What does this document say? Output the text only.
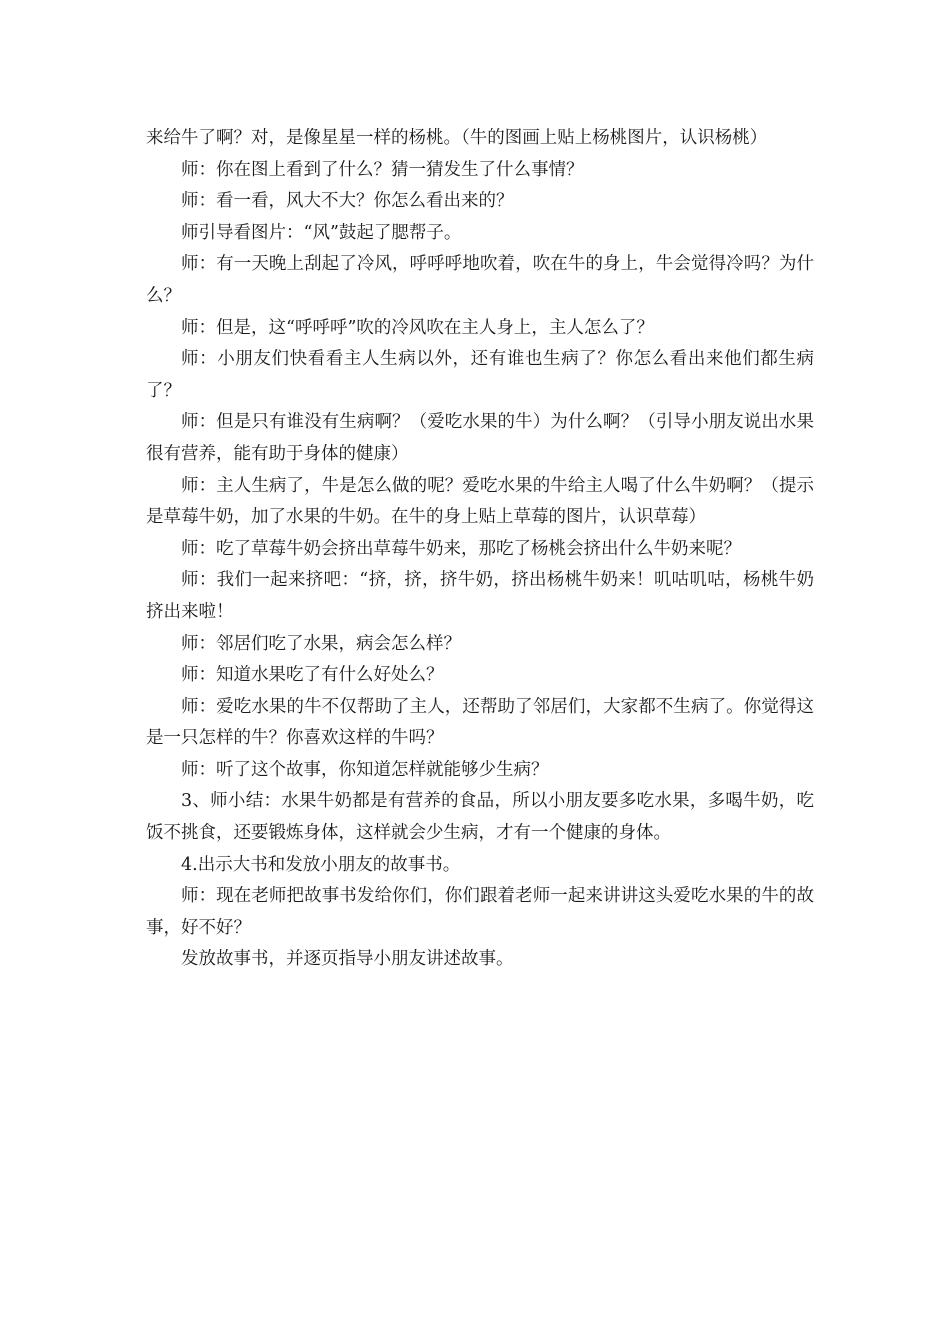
来给牛了啊？对，是像星星一样的杨桃。（牛的图画上贴上杨桃图片，认识杨桃）

师：你在图上看到了什么？猜一猜发生了什么事情？

师：看一看，风大不大？你怎么看出来的？

师引导看图片：“风”鼓起了腮帮子。

师：有一天晚上刮起了冷风，呼呼呼地吹着，吹在牛的身上，牛会觉得冷吗？为什么？

师：但是，这“呼呼呼”吹的冷风吹在主人身上，主人怎么了？

师：小朋友们快看看主人生病以外，还有谁也生病了？你怎么看出来他们都生病了？

师：但是只有谁没有生病啊？（爱吃水果的牛）为什么啊？（引导小朋友说出水果很有营养，能有助于身体的健康）

师：主人生病了，牛是怎么做的呢？爱吃水果的牛给主人喝了什么牛奶啊？（提示是草莓牛奶，加了水果的牛奶。在牛的身上贴上草莓的图片，认识草莓）

师：吃了草莓牛奶会挤出草莓牛奶来，那吃了杨桃会挤出什么牛奶来呢？

师：我们一起来挤吧：“挤，挤，挤牛奶，挤出杨桃牛奶来！叽咕叽咕，杨桃牛奶挤出来啦！

师：邻居们吃了水果，病会怎么样？

师：知道水果吃了有什么好处么？

师：爱吃水果的牛不仅帮助了主人，还帮助了邻居们，大家都不生病了。你觉得这是一只怎样的牛？你喜欢这样的牛吗？

师：听了这个故事，你知道怎样就能够少生病？

3、师小结：水果牛奶都是有营养的食品，所以小朋友要多吃水果，多喝牛奶，吃饭不挑食，还要锻炼身体，这样就会少生病，才有一个健康的身体。

4.出示大书和发放小朋友的故事书。

师：现在老师把故事书发给你们，你们跟着老师一起来讲讲这头爱吃水果的牛的故事，好不好？

发放故事书，并逐页指导小朋友讲述故事。
